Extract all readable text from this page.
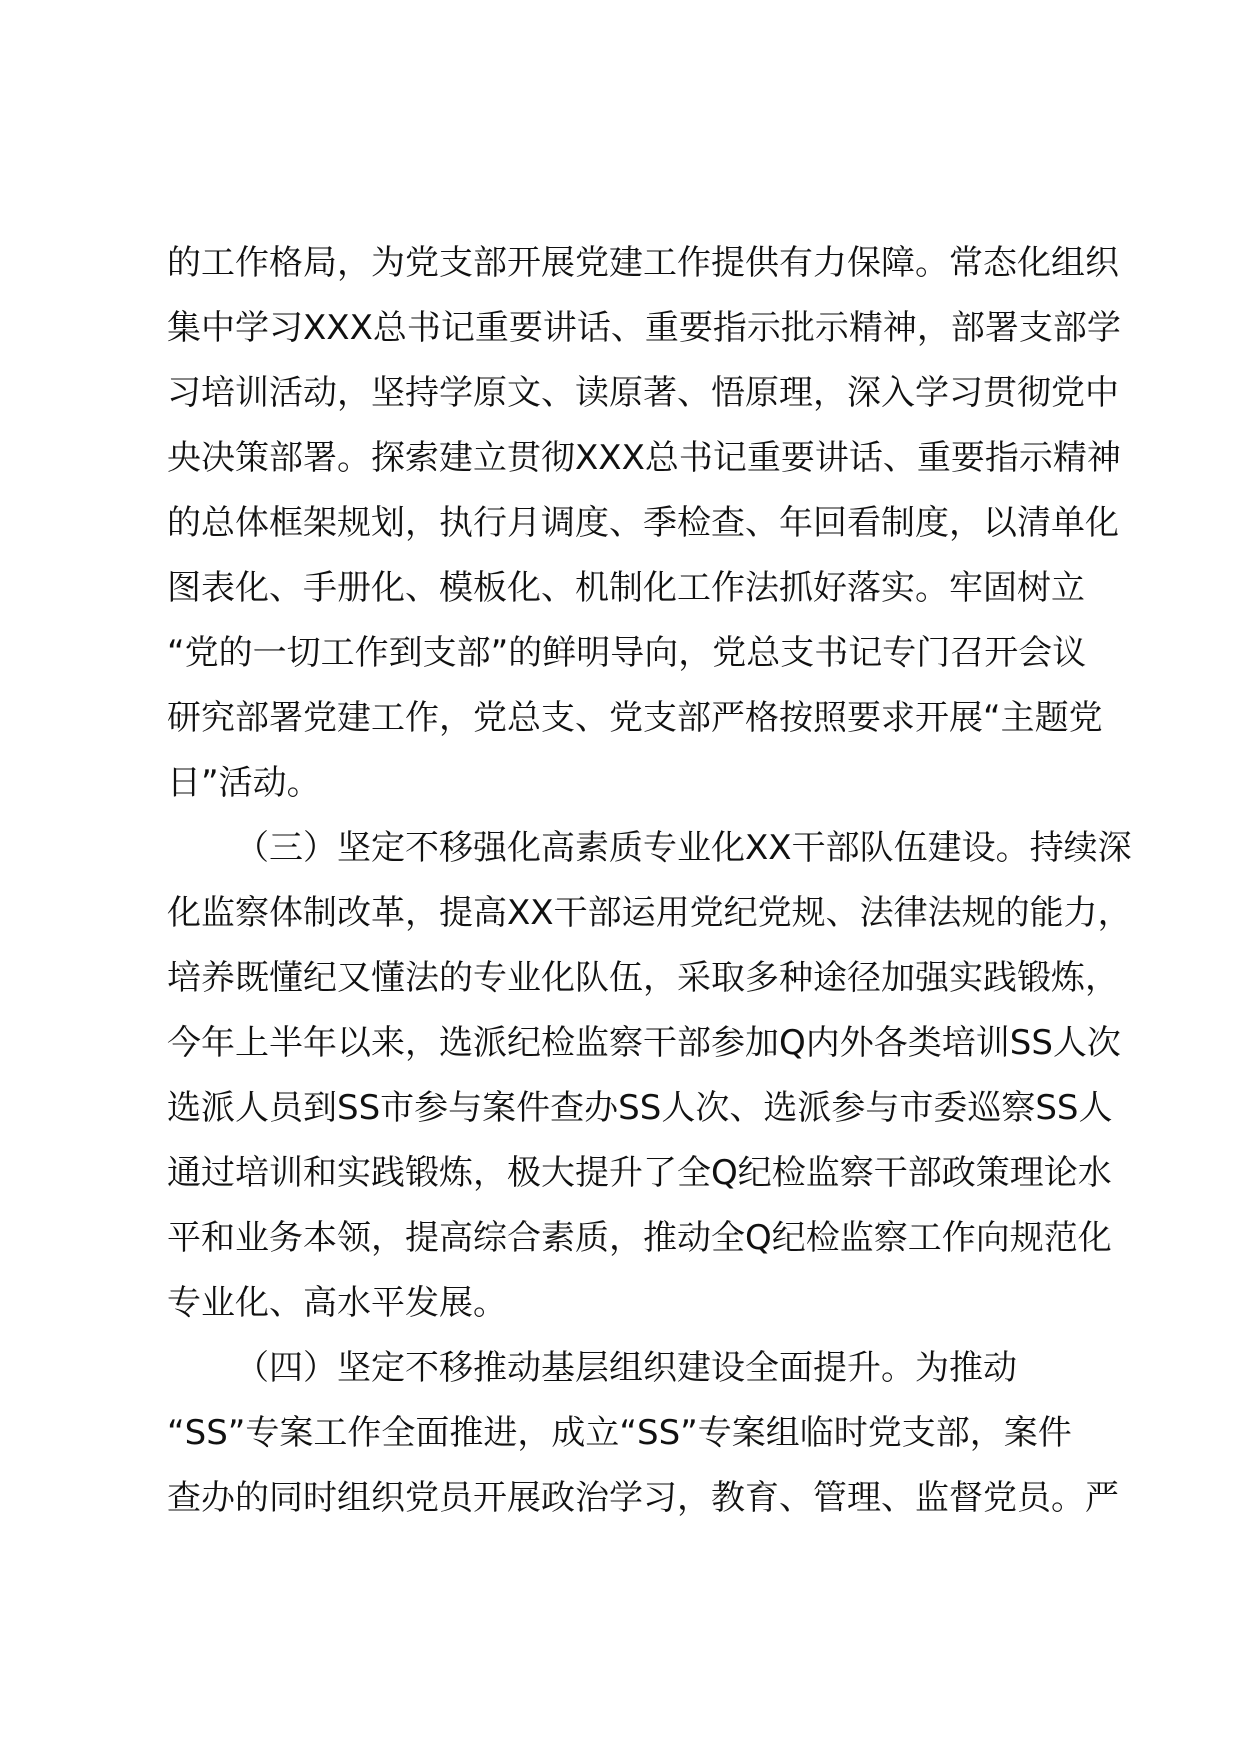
的工作格局，为党支部开展党建工作提供有力保障。常态化组织

集中学习XXX总书记重要讲话、重要指示批示精神，部署支部学

习培训活动，坚持学原文、读原著、悟原理，深入学习贯彻党中

央决策部署。探索建立贯彻XXX总书记重要讲话、重要指示精神

的总体框架规划，执行月调度、季检查、年回看制度，以清单化

图表化、手册化、模板化、机制化工作法抓好落实。牢固树立

“党的一切工作到支部”的鲜明导向，党总支书记专门召开会议

研究部署党建工作，党总支、党支部严格按照要求开展“主题党

日”活动。

（三）坚定不移强化高素质专业化XX干部队伍建设。持续深

化监察体制改革，提高XX干部运用党纪党规、法律法规的能力，

培养既懂纪又懂法的专业化队伍，采取多种途径加强实践锻炼，

今年上半年以来，选派纪检监察干部参加Q内外各类培训SS人次

选派人员到SS市参与案件查办SS人次、选派参与市委巡察SS人

通过培训和实践锻炼，极大提升了全Q纪检监察干部政策理论水

平和业务本领，提高综合素质，推动全Q纪检监察工作向规范化

专业化、高水平发展。

（四）坚定不移推动基层组织建设全面提升。为推动

“SS”专案工作全面推进，成立“SS”专案组临时党支部，案件

查办的同时组织党员开展政治学习，教育、管理、监督党员。严
